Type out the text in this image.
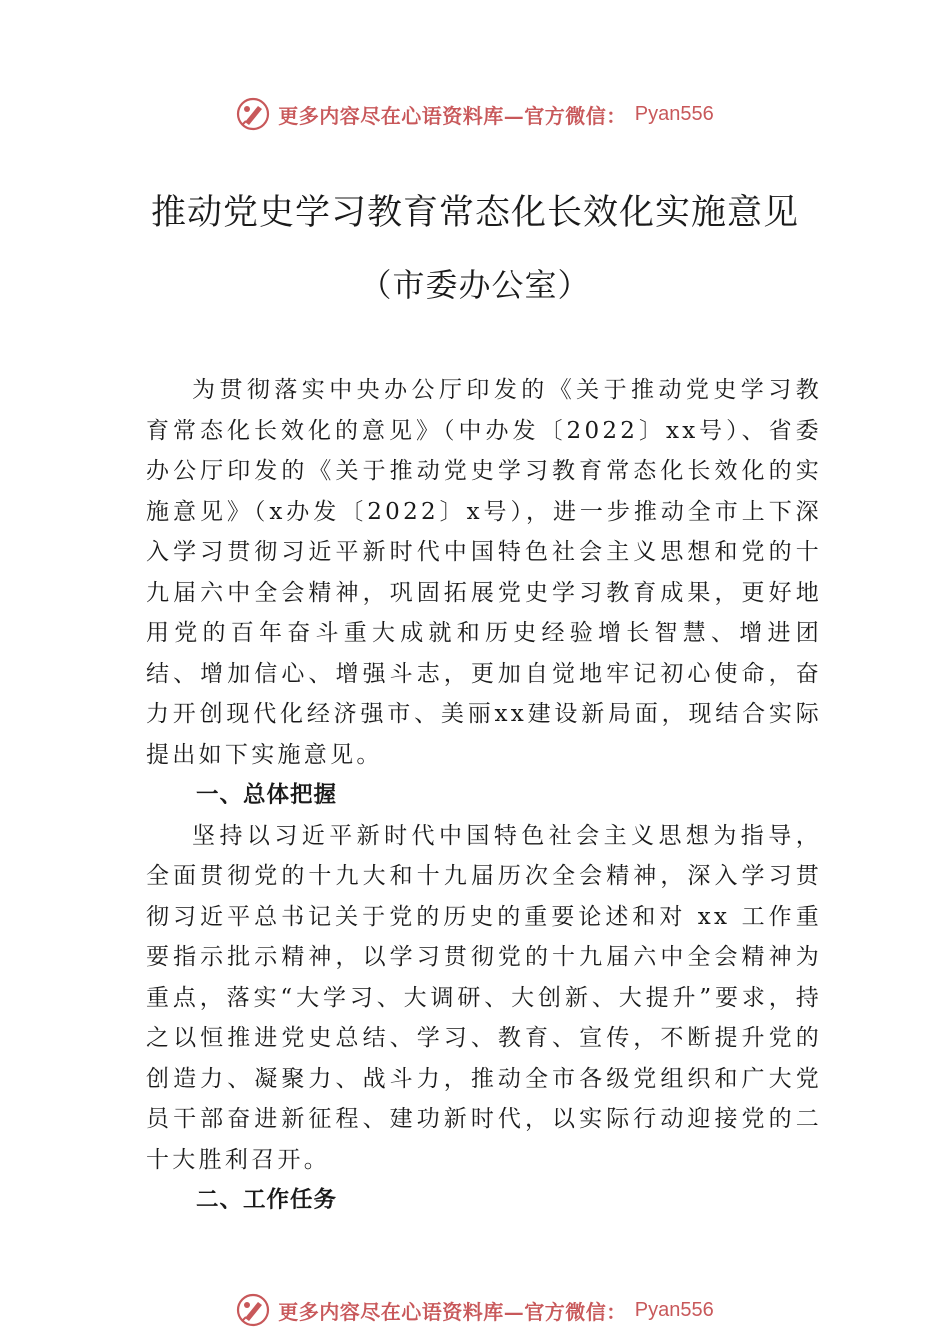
更多内容尽在心语资料库—官方微信： Pyan556
推动党史学习教育常态化长效化实施意见
（市委办公室）

为贯彻落实中央办公厅印发的《关于推动党史学习教育常态化长效化的意见》（中办发〔2022〕xx号）、省委办公厅印发的《关于推动党史学习教育常态化长效化的实施意见》（x办发〔2022〕x号），进一步推动全市上下深入学习贯彻习近平新时代中国特色社会主义思想和党的十九届六中全会精神，巩固拓展党史学习教育成果，更好地用党的百年奋斗重大成就和历史经验增长智慧、增进团结、增加信心、增强斗志，更加自觉地牢记初心使命，奋力开创现代化经济强市、美丽xx建设新局面，现结合实际提出如下实施意见。

一、总体把握

坚持以习近平新时代中国特色社会主义思想为指导，全面贯彻党的十九大和十九届历次全会精神，深入学习贯彻习近平总书记关于党的历史的重要论述和对 xx 工作重要指示批示精神，以学习贯彻党的十九届六中全会精神为重点，落实“大学习、大调研、大创新、大提升”要求，持之以恒推进党史总结、学习、教育、宣传，不断提升党的创造力、凝聚力、战斗力，推动全市各级党组织和广大党员干部奋进新征程、建功新时代，以实际行动迎接党的二十大胜利召开。

二、工作任务

更多内容尽在心语资料库—官方微信： Pyan556
